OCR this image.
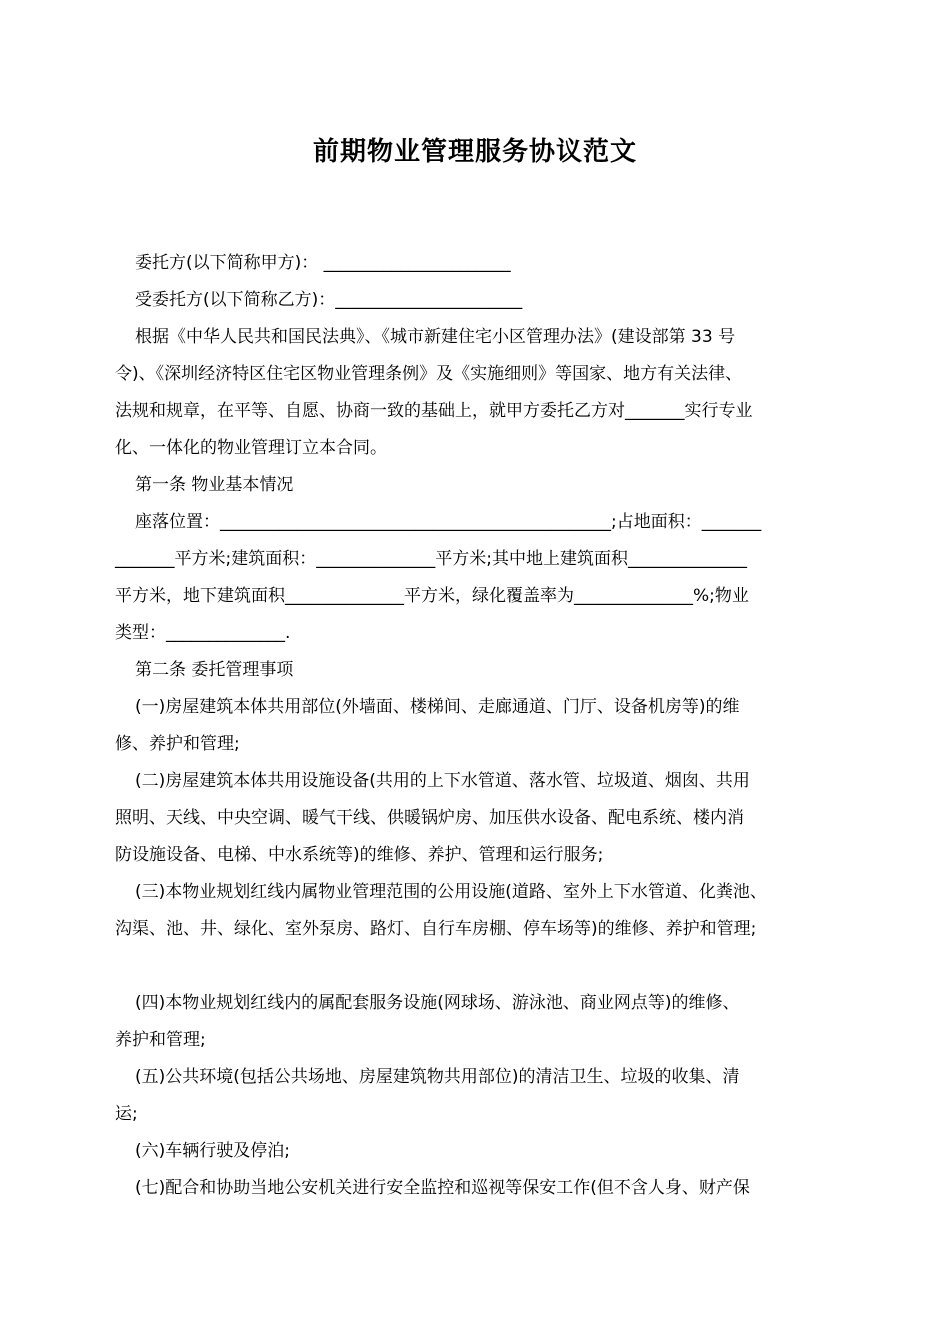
前期物业管理服务协议范文

委托方(以下简称甲方)： ______________________

受委托方(以下简称乙方)：______________________

根据《中华人民共和国民法典》、《城市新建住宅小区管理办法》(建设部第 33 号

令)、《深圳经济特区住宅区物业管理条例》及《实施细则》等国家、地方有关法律、

法规和规章，在平等、自愿、协商一致的基础上，就甲方委托乙方对_______实行专业

化、一体化的物业管理订立本合同。

第一条 物业基本情况

座落位置：______________________________________________;占地面积：_______

_______平方米;建筑面积：______________平方米;其中地上建筑面积______________

平方米，地下建筑面积______________平方米，绿化覆盖率为______________%;物业

类型：______________.

第二条 委托管理事项

(一)房屋建筑本体共用部位(外墙面、楼梯间、走廊通道、门厅、设备机房等)的维

修、养护和管理;

(二)房屋建筑本体共用设施设备(共用的上下水管道、落水管、垃圾道、烟囱、共用

照明、天线、中央空调、暖气干线、供暖锅炉房、加压供水设备、配电系统、楼内消

防设施设备、电梯、中水系统等)的维修、养护、管理和运行服务;

(三)本物业规划红线内属物业管理范围的公用设施(道路、室外上下水管道、化粪池、

沟渠、池、井、绿化、室外泵房、路灯、自行车房棚、停车场等)的维修、养护和管理;

(四)本物业规划红线内的属配套服务设施(网球场、游泳池、商业网点等)的维修、

养护和管理;

(五)公共环境(包括公共场地、房屋建筑物共用部位)的清洁卫生、垃圾的收集、清

运;

(六)车辆行驶及停泊;

(七)配合和协助当地公安机关进行安全监控和巡视等保安工作(但不含人身、财产保
